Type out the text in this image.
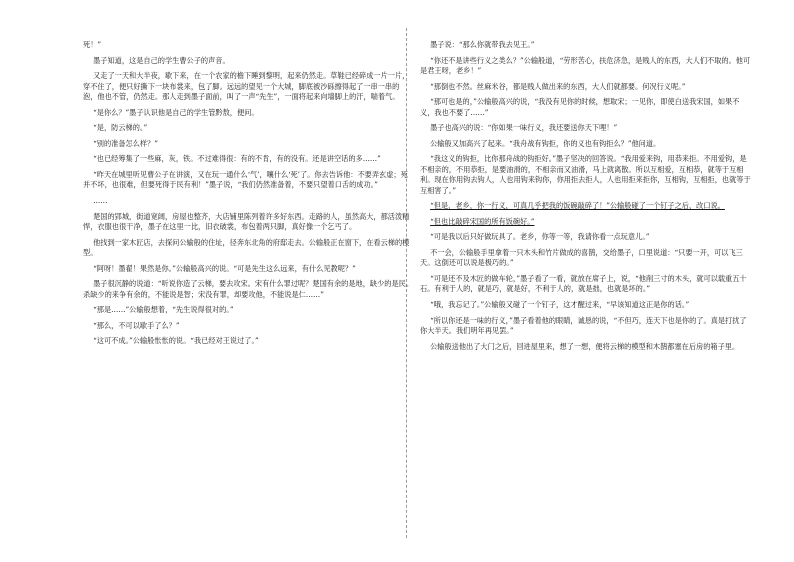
死！”

墨子知道，这是自己的学生曹公子的声音。

又走了一天和大半夜，歇下来，在一个农家的檐下睡到黎明，起来仍然走。草鞋已经碎成一片一片，穿不住了，便只好撕下一块布裳来，包了脚。远远的望见一个大城，脚底被沙砾擦得起了一串一串的泡，他也不管，仍然走。那人走到墨子面前，叫了一声“先生”，一面将起来向墙脚上的汗，喘着气。

“是你么？”墨子认识他是自己的学生管黔敖，便问。

“是，防云梯的。”

“别的准备怎么样？”

“也已经筹集了一些麻，灰，铁。不过难得很：有的不肯，有的没有。还是讲空话的多……”

“昨天在城里听见曹公子在讲演，又在玩一通什么‘气’，嚷什么‘死’了。你去告诉他：不要弄玄虚；死并不坏，也很难，但要死得于民有利！”墨子说，“我们仍然准备着，不要只望着口舌的成功。”

……

楚国的郢城，街道宽阔，房屋也整齐，大店铺里陈列着许多好东西。走路的人，虽然高大，都活泼精悍，衣服也很干净，墨子在这里一比，旧衣破裳，布包着两只脚，真好像一个乞丐了。

他找到一家木匠店，去探问公输般的住址，径奔东北角的府邸走去。公输般正在窗下，在看云梯的模型。

“阿呀！墨翟！果然是你。”公输般高兴的说。“可是先生这么远来，有什么见教呢？”

墨子很沉静的说道：“听说你造了云梯，要去攻宋。宋有什么罪过呢？楚国有余的是地，缺少的是民。杀缺少的来争有余的，不能说是智；宋没有罪，却要攻他，不能说是仁……”

“那是……”公输般想着，“先生说得很对的。”

“那么，不可以歇手了么？”

“这可不成。”公输般怅怅的说。“我已经对王说过了。”

墨子说：“那么你就带我去见王。”

“你还不是讲些行义之类么？”公输般道，“劳形苦心，扶危济急，是贱人的东西，大人们不取的。他可是君王呀，老乡！”

“那倒也不然。丝麻米谷，都是贱人做出来的东西，大人们就都要。何况行义呢。”

“那可也是的，”公输般高兴的说，“我没有见你的时候，想取宋；一见你，即使白送我宋国，如果不义，我也不要了……”

墨子也高兴的说：“你如果一味行义，我还要送你天下哩！”

公输般又加高兴了起来。“我舟战有钩拒，你的义也有钩拒么？”他问道。

“我这义的钩拒，比你那舟战的钩拒好。”墨子坚决的回答说。“我用爱来钩，用恭来拒。不用爱钩，是不相亲的，不用恭拒，是要油滑的，不相亲而又油滑，马上就离散。所以互相爱，互相恭，就等于互相利。现在你用钩去钩人，人也用钩来钩你，你用拒去拒人，人也用拒来拒你，互相钩，互相拒，也就等于互相害了。”

“但是，老乡，你一行义，可真几乎把我的饭碗敲碎了！”公输般碰了一个钉子之后，改口说。

“但也比敲碎宋国的所有饭碗好。”

“可是我以后只好做玩具了。老乡，你等一等，我请你看一点玩意儿。”

不一会，公输般手里拿着一只木头和竹片做成的喜鹊，交给墨子，口里说道：“只要一开，可以飞三天。这倒还可以说是极巧的。”

“可是还不及木匠的做车轮，”墨子看了一看，就放在席子上，说，“他削三寸的木头，就可以载重五十石。有利于人的，就是巧，就是好，不利于人的，就是拙，也就是坏的。”

“哦，我忘记了。”公输般又碰了一个钉子，这才醒过来，“早该知道这正是你的话。”

“所以你还是一味的行义，”墨子看着他的眼睛，诚恳的说，“不但巧，连天下也是你的了。真是打扰了你大半天。我们明年再见罢。”

公输般送他出了大门之后，回进屋里来，想了一想，便将云梯的模型和木鹊都塞在后房的箱子里。
